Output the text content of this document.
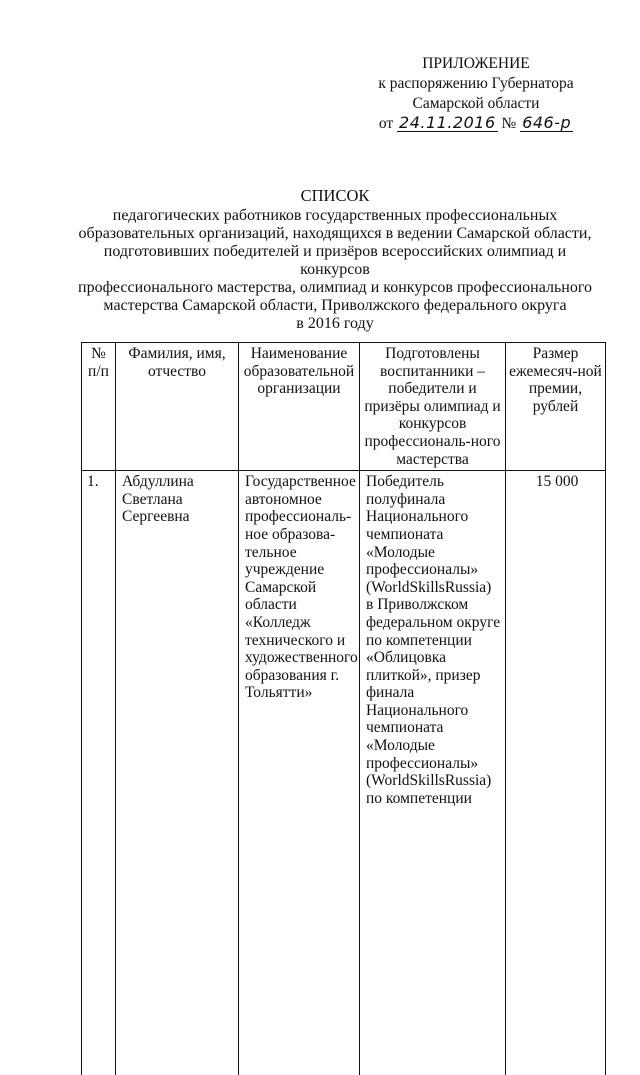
ПРИЛОЖЕНИЕ
к распоряжению Губернатора
Самарской области
от 24.11.2016 № 646-р
СПИСОК
педагогических работников государственных профессиональных
образовательных организаций, находящихся в ведении Самарской области,
подготовивших победителей и призёров всероссийских олимпиад и конкурсов
профессионального мастерства, олимпиад и конкурсов профессионального
мастерства Самарской области, Приволжского федерального округа
в 2016 году
№ п/п	Фамилия, имя, отчество	Наименование образовательной организации	Подготовлены воспитанники – победители и призёры олимпиад и конкурсов профессиональ-ного мастерства	Размер ежемесяч-ной премии, рублей
1.	Абдуллина Светлана Сергеевна	Государственное автономное профессиональ-ное образова-тельное учреждение Самарской области «Колледж технического и художественного образования г. Тольятти»	Победитель полуфинала Национального чемпионата «Молодые профессионалы» (WorldSkillsRussia) в Приволжском федеральном округе по компетенции «Облицовка плиткой», призер финала Национального чемпионата «Молодые профессионалы» (WorldSkillsRussia) по компетенции	15 000
